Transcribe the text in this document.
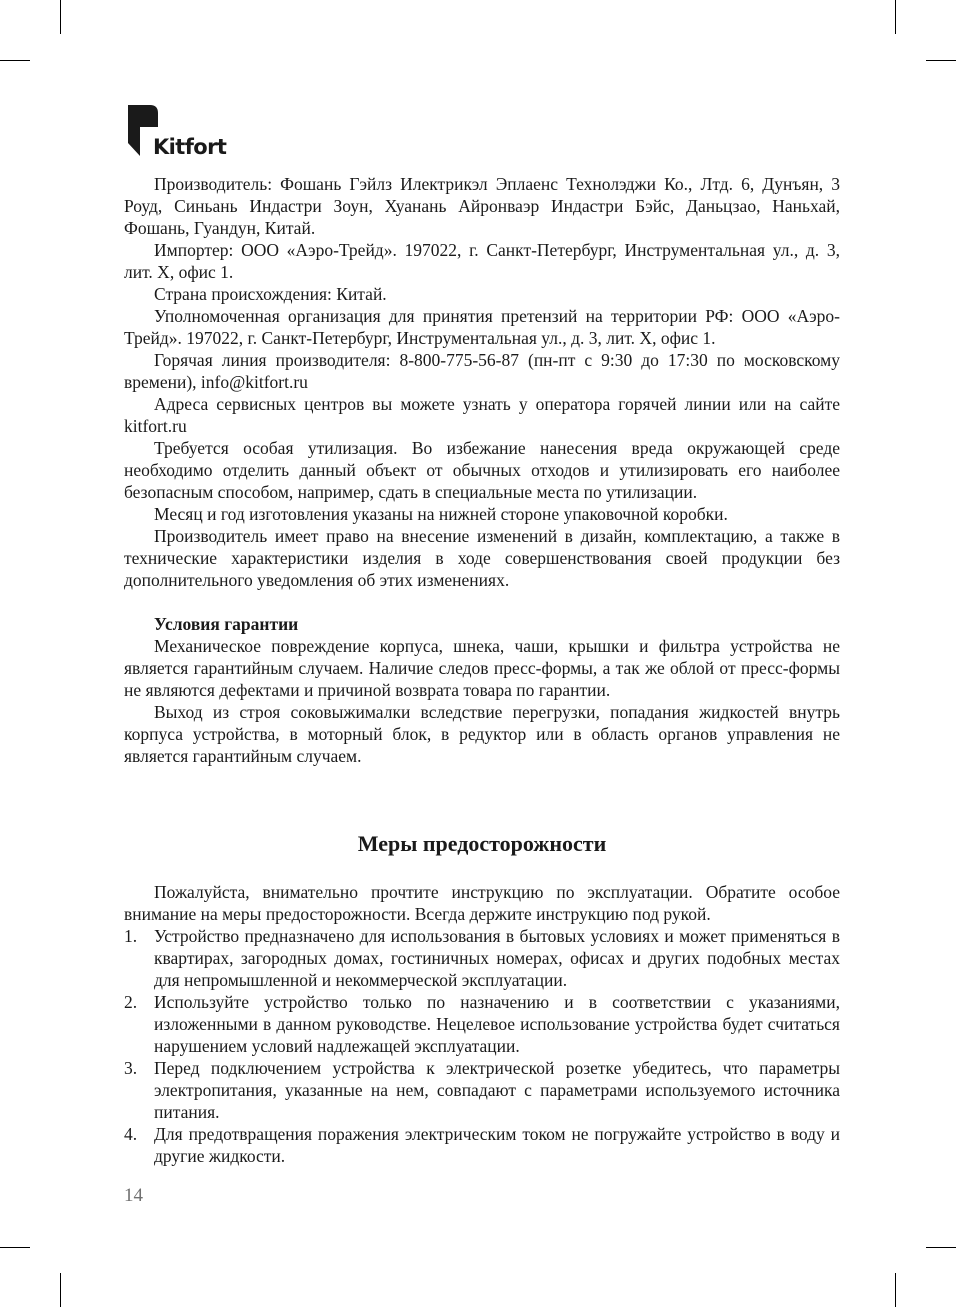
Kitfort

Производитель: Фошань Гэйлз Илектрикэл Эплаенс Технолэджи Ко., Лтд. 6, Дунъян, 3 Роуд, Синьань Индастри Зоун, Хуанань Айронваэр Индастри Бэйс, Даньцзао, Наньхай, Фошань, Гуандун, Китай.

Импортер: ООО «Аэро-Трейд». 197022, г. Санкт-Петербург, Инструментальная ул., д. 3, лит. Х, офис 1.

Страна происхождения: Китай.

Уполномоченная организация для принятия претензий на территории РФ: ООО «Аэро-Трейд». 197022, г. Санкт-Петербург, Инструментальная ул., д. 3, лит. Х, офис 1.

Горячая линия производителя: 8-800-775-56-87 (пн-пт с 9:30 до 17:30 по московскому времени), info@kitfort.ru

Адреса сервисных центров вы можете узнать у оператора горячей линии или на сайте kitfort.ru

Требуется особая утилизация. Во избежание нанесения вреда окружающей среде необходимо отделить данный объект от обычных отходов и утилизировать его наиболее безопасным способом, например, сдать в специальные места по утилизации.

Месяц и год изготовления указаны на нижней стороне упаковочной коробки.

Производитель имеет право на внесение изменений в дизайн, комплектацию, а также в технические характеристики изделия в ходе совершенствования своей продукции без дополнительного уведомления об этих изменениях.

Условия гарантии

Механическое повреждение корпуса, шнека, чаши, крышки и фильтра устройства не является гарантийным случаем. Наличие следов пресс-формы, а так же облой от пресс-формы не являются дефектами и причиной возврата товара по гарантии.

Выход из строя соковыжималки вследствие перегрузки, попадания жидкостей внутрь корпуса устройства, в моторный блок, в редуктор или в область органов управления не является гарантийным случаем.

Меры предосторожности

Пожалуйста, внимательно прочтите инструкцию по эксплуатации. Обратите особое внимание на меры предосторожности. Всегда держите инструкцию под рукой.

1. Устройство предназначено для использования в бытовых условиях и может применяться в квартирах, загородных домах, гостиничных номерах, офисах и других подобных местах для непромышленной и некоммерческой эксплуатации.
2. Используйте устройство только по назначению и в соответствии с указаниями, изложенными в данном руководстве. Нецелевое использование устройства будет считаться нарушением условий надлежащей эксплуатации.
3. Перед подключением устройства к электрической розетке убедитесь, что параметры электропитания, указанные на нем, совпадают с параметрами используемого источника питания.
4. Для предотвращения поражения электрическим током не погружайте устройство в воду и другие жидкости.
14
